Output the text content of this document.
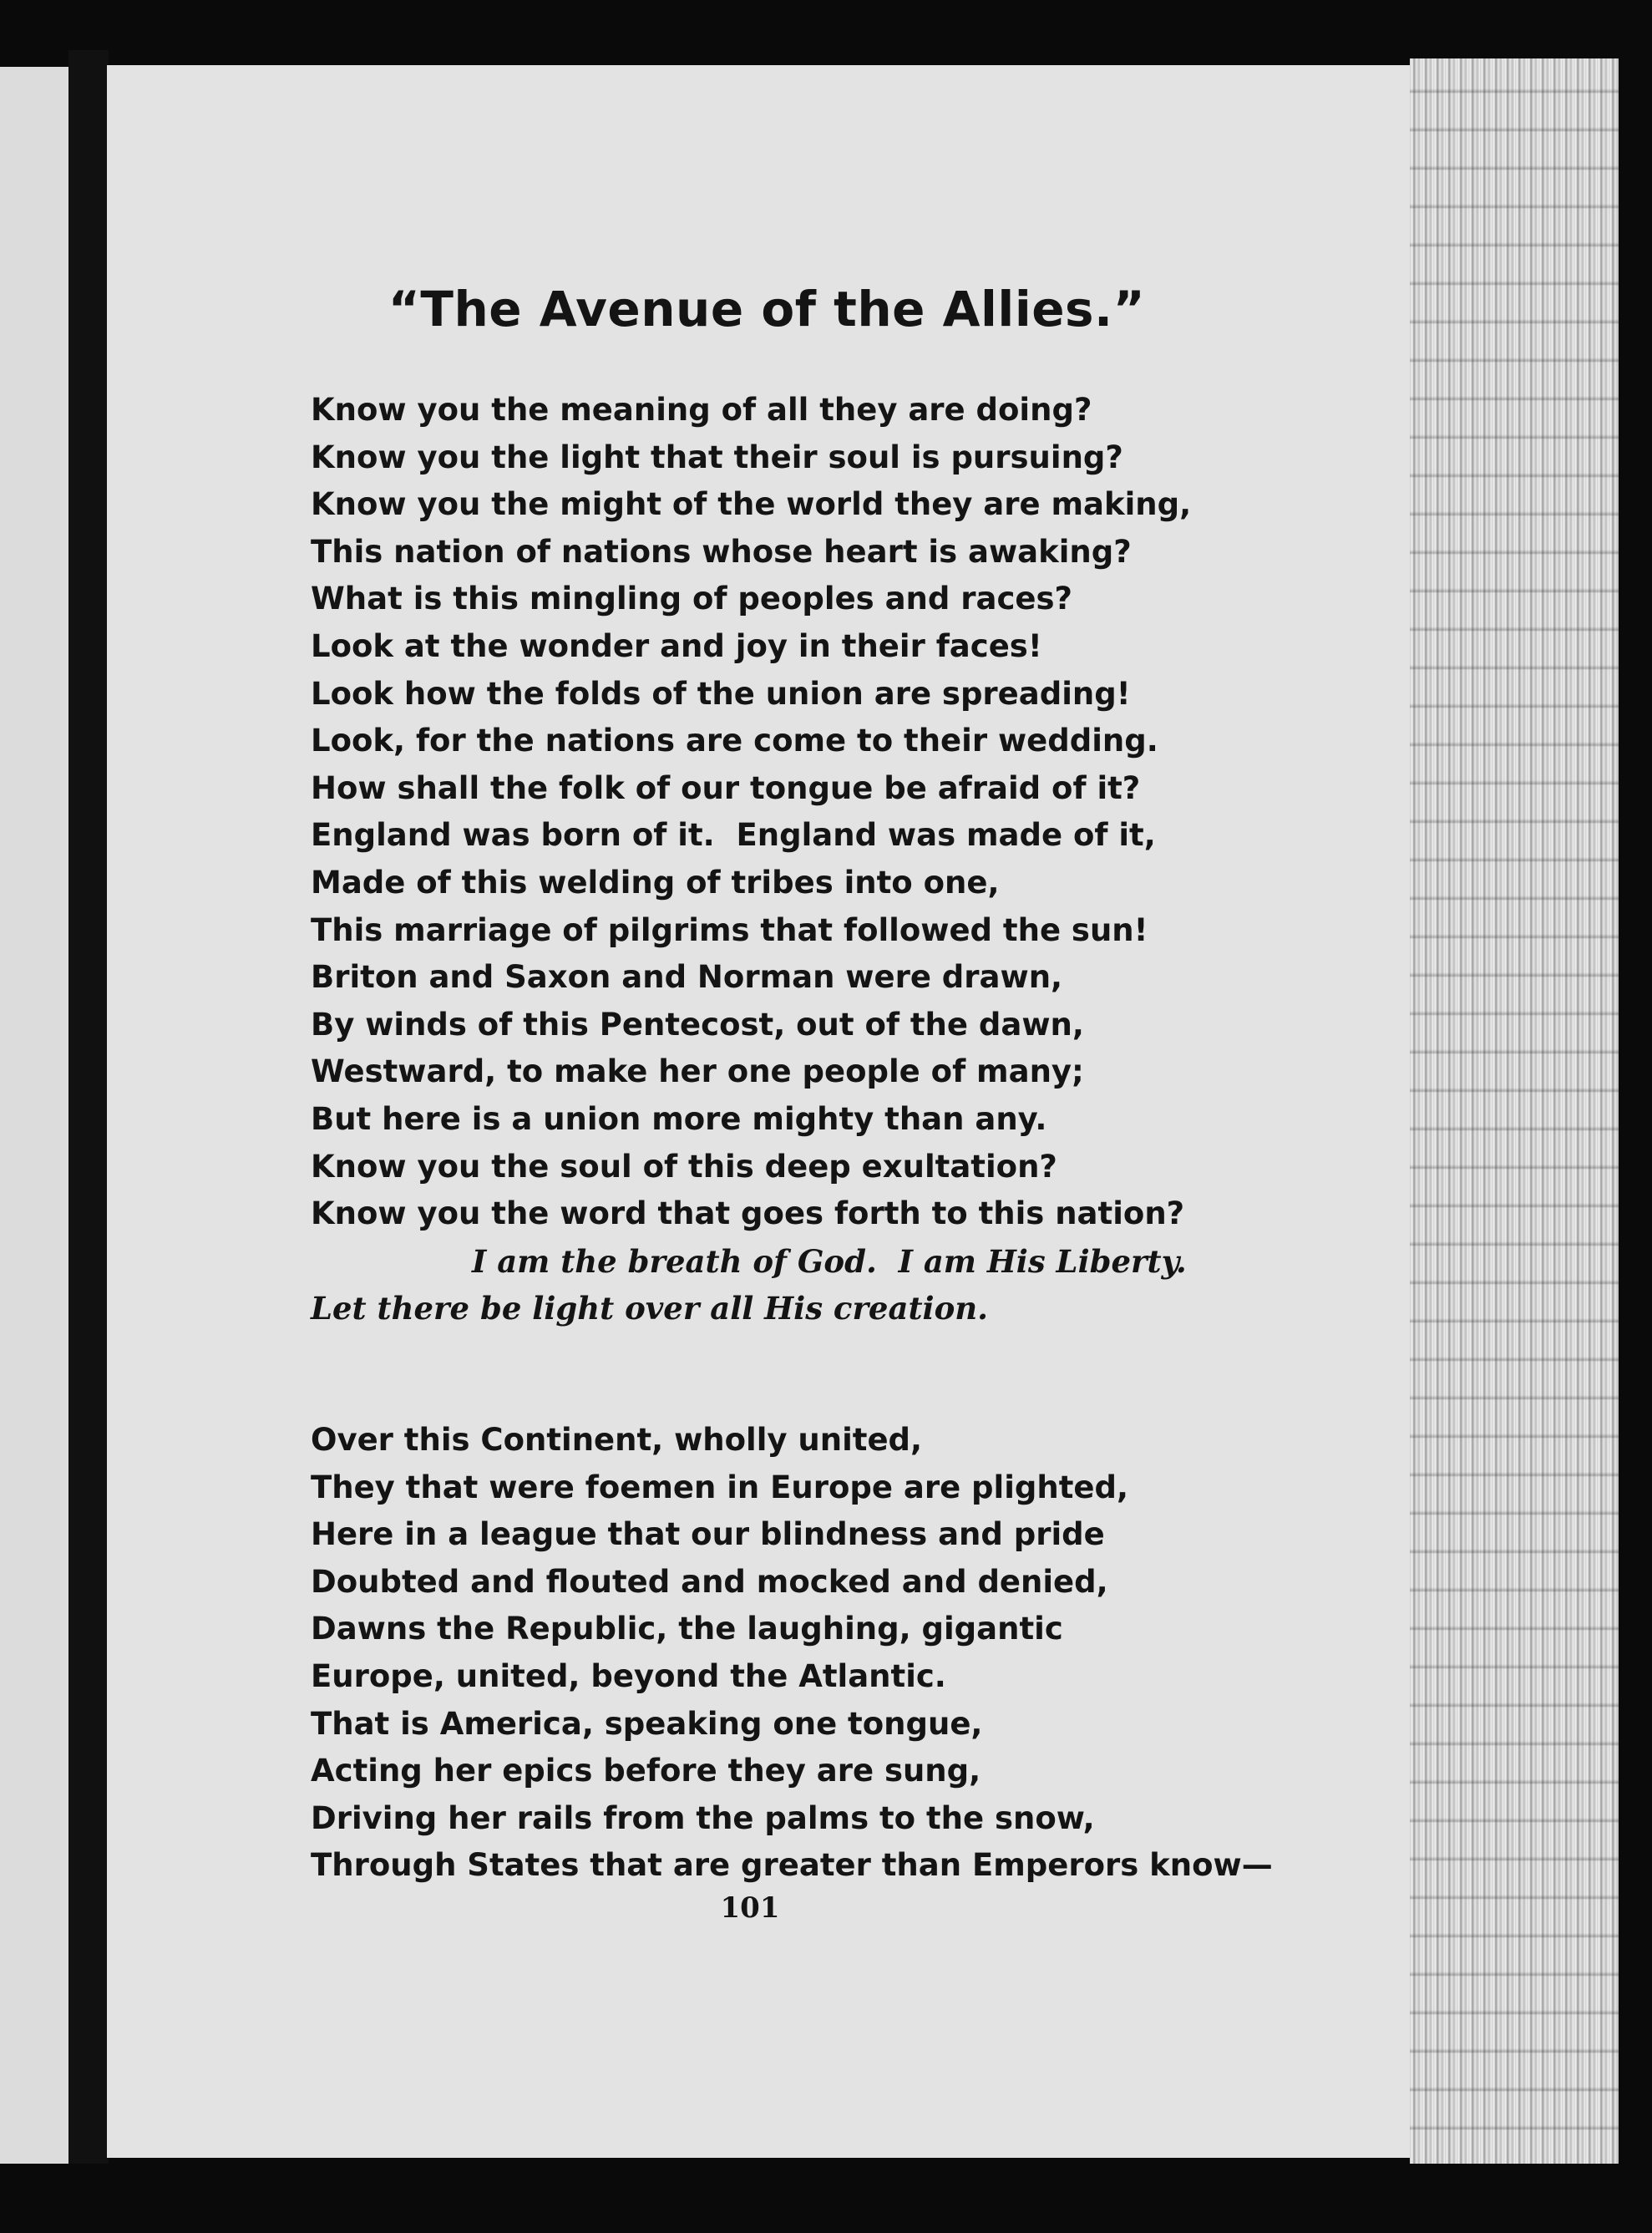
“The Avenue of the Allies.”
Know you the meaning of all they are doing?
Know you the light that their soul is pursuing?
Know you the might of the world they are making,
This nation of nations whose heart is awaking?
What is this mingling of peoples and races?
Look at the wonder and joy in their faces!
Look how the folds of the union are spreading!
Look, for the nations are come to their wedding.
How shall the folk of our tongue be afraid of it?
England was born of it.  England was made of it,
Made of this welding of tribes into one,
This marriage of pilgrims that followed the sun!
Briton and Saxon and Norman were drawn,
By winds of this Pentecost, out of the dawn,
Westward, to make her one people of many;
But here is a union more mighty than any.
Know you the soul of this deep exultation?
Know you the word that goes forth to this nation?
I am the breath of God.  I am His Liberty.
Let there be light over all His creation.
Over this Continent, wholly united,
They that were foemen in Europe are plighted,
Here in a league that our blindness and pride
Doubted and flouted and mocked and denied,
Dawns the Republic, the laughing, gigantic
Europe, united, beyond the Atlantic.
That is America, speaking one tongue,
Acting her epics before they are sung,
Driving her rails from the palms to the snow,
Through States that are greater than Emperors know—

101
